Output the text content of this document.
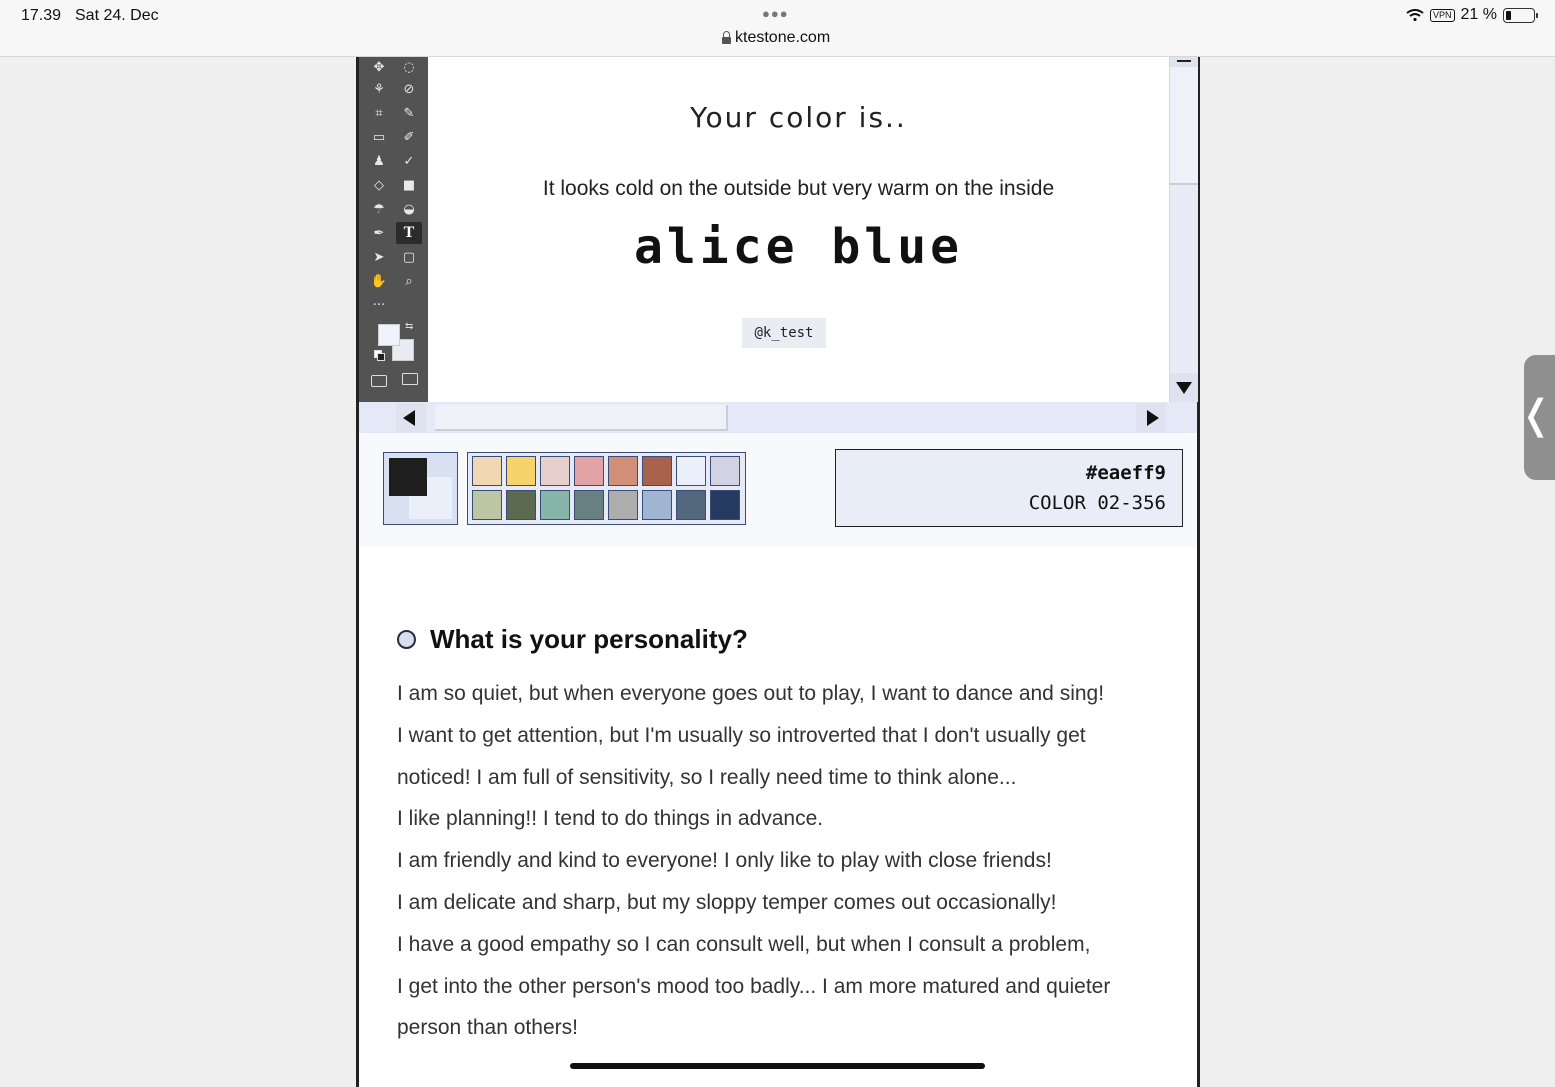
17.39 Sat 24. Dec	●●●
ktestone.com
VPN 21 %
❬
✥	◌
⚘	⊘
⌗	✎
▭	✐
♟	✓
◇	■
☂	◒
✒	T
➤	▢
✋	⌕
···
⇆
Your color is..
It looks cold on the outside but very warm on the inside
alice blue
@k_test
#eaeff9
COLOR 02-356
What is your personality?
I am so quiet, but when everyone goes out to play, I want to dance and sing!
I want to get attention, but I'm usually so introverted that I don't usually get
noticed! I am full of sensitivity, so I really need time to think alone...
I like planning!! I tend to do things in advance.
I am friendly and kind to everyone! I only like to play with close friends!
I am delicate and sharp, but my sloppy temper comes out occasionally!
I have a good empathy so I can consult well, but when I consult a problem,
I get into the other person's mood too badly... I am more matured and quieter
person than others!
